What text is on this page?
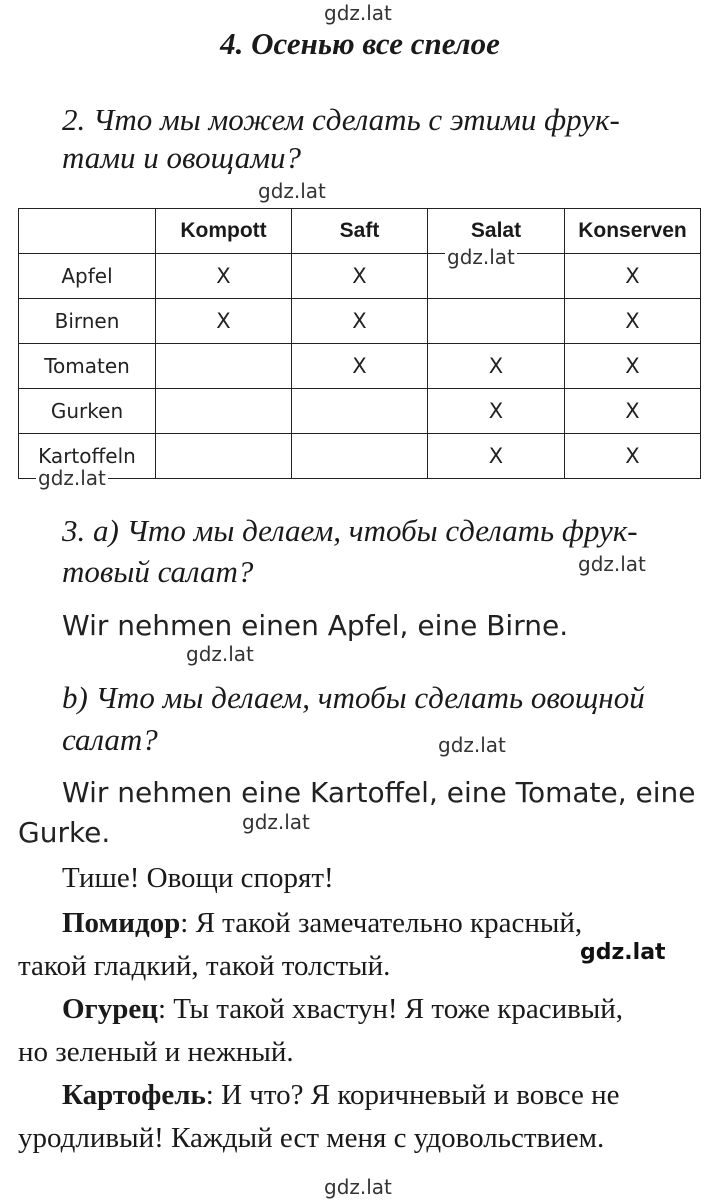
gdz.lat
gdz.lat
gdz.lat
gdz.lat
gdz.lat
gdz.lat
gdz.lat
gdz.lat
gdz.lat
gdz.lat
4. Осенью все спелое
2. Что мы можем сделать с этими фрук-
тами и овощами?
	Kompott	Saft	Salat	Konserven
Apfel	X	X		X
Birnen	X	X		X
Tomaten		X	X	X
Gurken			X	X
Kartoffeln			X	X
3. a) Что мы делаем, чтобы сделать фрук-
товый салат?
Wir nehmen einen Apfel, eine Birne.
b) Что мы делаем, чтобы сделать овощной
салат?
Wir nehmen eine Kartoffel, eine Tomate, eine
Gurke.
Тише! Овощи спорят!
Помидор: Я такой замечательно красный,
такой гладкий, такой толстый.
Огурец: Ты такой хвастун! Я тоже красивый,
но зеленый и нежный.
Картофель: И что? Я коричневый и вовсе не
уродливый! Каждый ест меня с удовольствием.
